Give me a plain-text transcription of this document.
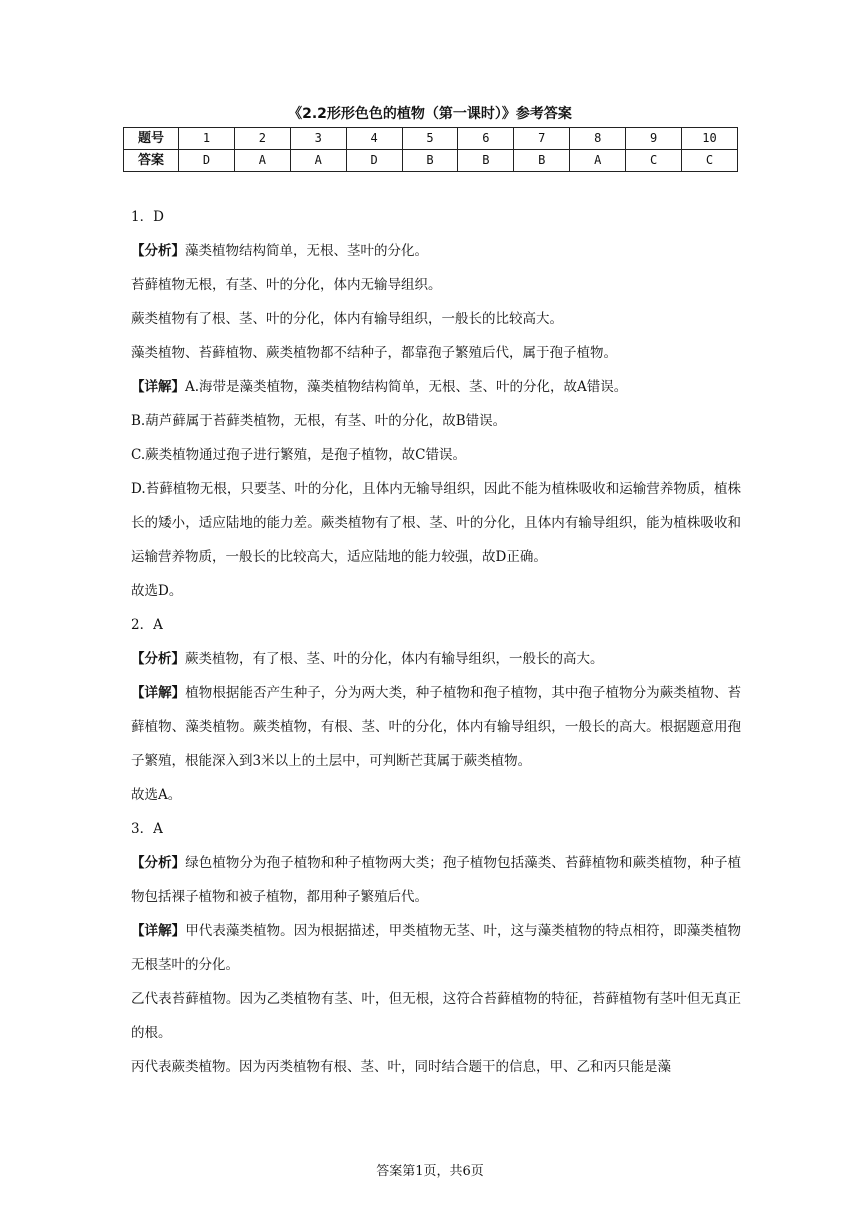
《2.2形形色色的植物（第一课时）》参考答案
题号	1	2	3	4	5	6	7	8	9	10
答案	D	A	A	D	B	B	B	A	C	C

1．D

【分析】藻类植物结构简单，无根、茎叶的分化。

苔藓植物无根，有茎、叶的分化，体内无输导组织。

蕨类植物有了根、茎、叶的分化，体内有输导组织，一般长的比较高大。

藻类植物、苔藓植物、蕨类植物都不结种子，都靠孢子繁殖后代，属于孢子植物。

【详解】A.海带是藻类植物，藻类植物结构简单，无根、茎、叶的分化，故A错误。

B.葫芦藓属于苔藓类植物，无根，有茎、叶的分化，故B错误。

C.蕨类植物通过孢子进行繁殖，是孢子植物，故C错误。

D.苔藓植物无根，只要茎、叶的分化，且体内无输导组织，因此不能为植株吸收和运输营养物质，植株长的矮小，适应陆地的能力差。蕨类植物有了根、茎、叶的分化，且体内有输导组织，能为植株吸收和运输营养物质，一般长的比较高大，适应陆地的能力较强，故D正确。

故选D。

2．A

【分析】蕨类植物，有了根、茎、叶的分化，体内有输导组织，一般长的高大。

【详解】植物根据能否产生种子，分为两大类，种子植物和孢子植物，其中孢子植物分为蕨类植物、苔藓植物、藻类植物。蕨类植物，有根、茎、叶的分化，体内有输导组织，一般长的高大。根据题意用孢子繁殖，根能深入到3米以上的土层中，可判断芒萁属于蕨类植物。

故选A。

3．A

【分析】绿色植物分为孢子植物和种子植物两大类；孢子植物包括藻类、苔藓植物和蕨类植物，种子植物包括裸子植物和被子植物，都用种子繁殖后代。

【详解】甲代表藻类植物。因为根据描述，甲类植物无茎、叶，这与藻类植物的特点相符，即藻类植物无根茎叶的分化。

乙代表苔藓植物。因为乙类植物有茎、叶，但无根，这符合苔藓植物的特征，苔藓植物有茎叶但无真正的根。

丙代表蕨类植物。因为丙类植物有根、茎、叶，同时结合题干的信息，甲、乙和丙只能是藻

答案第1页，共6页
